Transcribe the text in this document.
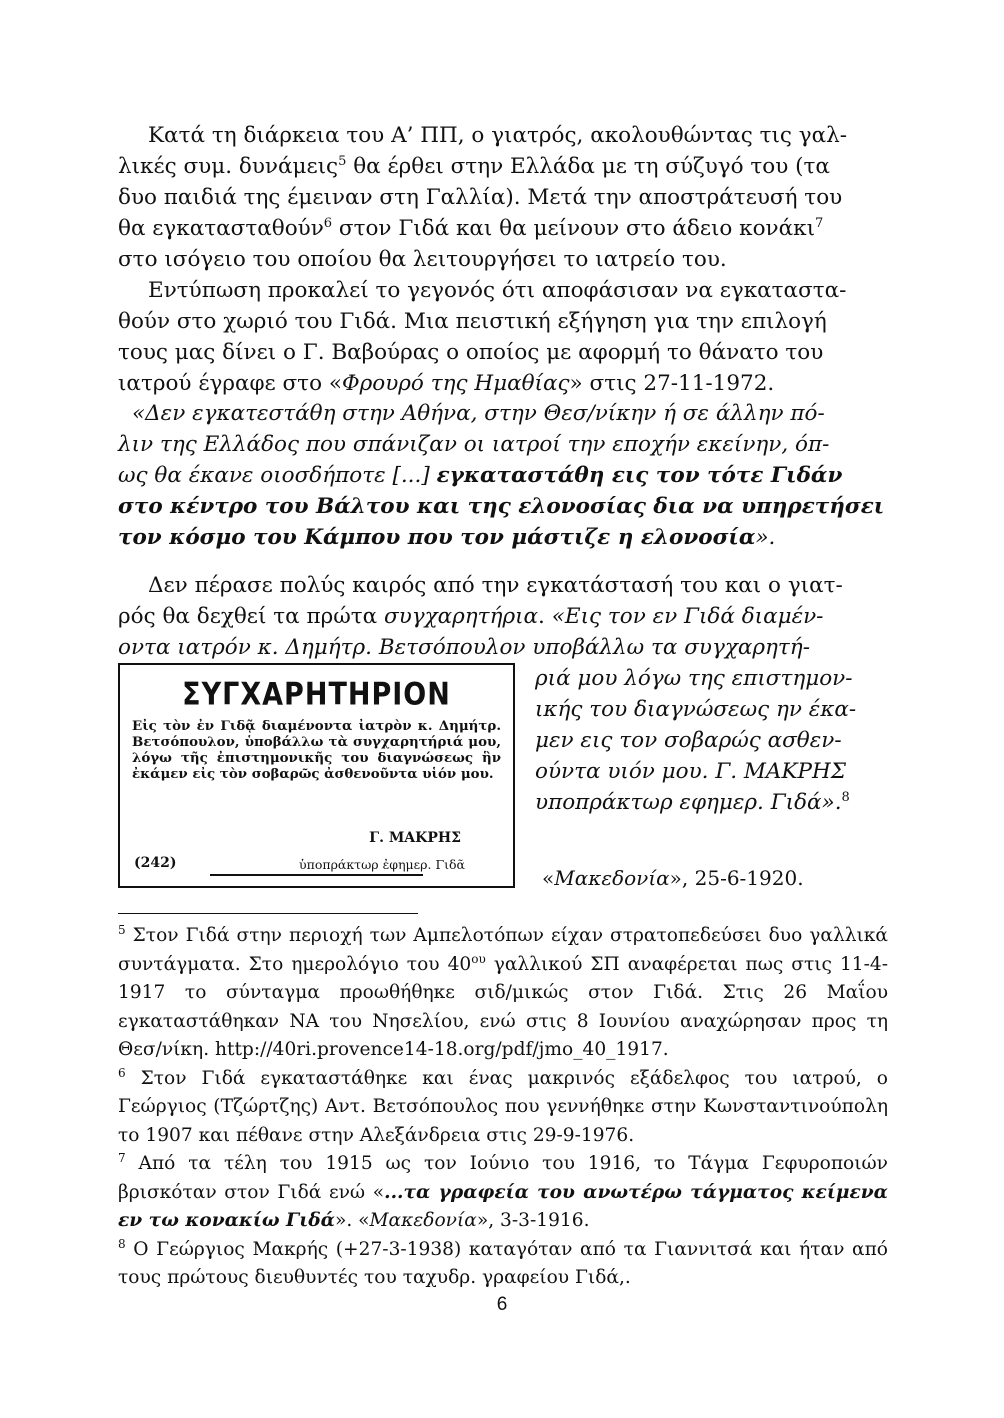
Κατά τη διάρκεια του Α’ ΠΠ, ο γιατρός, ακολουθώντας τις γαλ-
λικές συμ. δυνάμεις$^5$ θα έρθει στην Ελλάδα με τη σύζυγό του (τα
δυο παιδιά της έμειναν στη Γαλλία). Μετά την αποστράτευσή του
θα εγκατασταθούν$^6$ στον Γιδά και θα μείνουν στο άδειο κονάκι$^7$
στο ισόγειο του οποίου θα λειτουργήσει το ιατρείο του.
Εντύπωση προκαλεί το γεγονός ότι αποφάσισαν να εγκαταστα-
θούν στο χωριό του Γιδά. Μια πειστική εξήγηση για την επιλογή
τους μας δίνει ο Γ. Βαβούρας ο οποίος με αφορμή το θάνατο του
ιατρού έγραφε στο «Φρουρό της Ημαθίας» στις 27-11-1972.
«Δεν εγκατεστάθη στην Αθήνα, στην Θεσ/νίκην ή σε άλλην πό-
λιν της Ελλάδος που σπάνιζαν οι ιατροί την εποχήν εκείνην, όπ-
ως θα έκανε οιοσδήποτε [...] εγκαταστάθη εις τον τότε Γιδάν
στο κέντρο του Βάλτου και της ελονοσίας δια να υπηρετήσει
τον κόσμο του Κάμπου που τον μάστιζε η ελονοσία».
Δεν πέρασε πολύς καιρός από την εγκατάστασή του και ο γιατ-
ρός θα δεχθεί τα πρώτα συγχαρητήρια. «Εις τον εν Γιδά διαμέν-
οντα ιατρόν κ. Δημήτρ. Βετσόπουλον υποβάλλω τα συγχαρητή-
ΣΥΓΧΑΡΗΤΗΡΙΟΝ
Εἰς τὸν ἐν Γιδᾷ διαμένοντα ἰατρὸν κ. Δημήτρ. Βετσόπουλον, ὑποβάλλω τὰ συγχαρητήριά μου, λόγω τῆς ἐπιστημονικῆς του διαγνώσεως ἣν ἐκάμεν εἰς τὸν σοβαρῶς ἀσθενοῦντα υἱόν μου.
Γ. ΜΑΚΡΗΣ
(242)	ὑποπράκτωρ ἐφημερ. Γιδᾶ
ριά μου λόγω της επιστημον-
ικής του διαγνώσεως ην έκα-
μεν εις τον σοβαρώς ασθεν-
ούντα υιόν μου. Γ. ΜΑΚΡΗΣ
υποπράκτωρ εφημερ. Γιδά».$^8$
«Μακεδονία», 25-6-1920.

$^5$ Στον Γιδά στην περιοχή των Αμπελοτόπων είχαν στρατοπεδεύσει δυο γαλλικά συντάγματα. Στο ημερολόγιο του $40^{o\upsilon}$ γαλλικού ΣΠ αναφέρεται πως στις 11-4-1917 το σύνταγμα προωθήθηκε σιδ/μικώς στον Γιδά. Στις 26 Μαΐου εγκαταστάθηκαν ΝΑ του Νησελίου, ενώ στις 8 Ιουνίου αναχώρησαν προς τη Θεσ/νίκη. http://40ri.provence14-18.org/pdf/jmo_40_1917.

$^6$ Στον Γιδά εγκαταστάθηκε και ένας μακρινός εξάδελφος του ιατρού, ο Γεώργιος (Τζώρτζης) Αντ. Βετσόπουλος που γεννήθηκε στην Κωνσταντινούπολη το 1907 και πέθανε στην Αλεξάνδρεια στις 29-9-1976.

$^7$ Από τα τέλη του 1915 ως τον Ιούνιο του 1916, το Τάγμα Γεφυροποιών βρισκόταν στον Γιδά ενώ «...τα γραφεία του ανωτέρω τάγματος κείμενα εν τω κονακίω Γιδά». «Μακεδονία», 3-3-1916.

$^8$ Ο Γεώργιος Μακρής (+27-3-1938) καταγόταν από τα Γιαννιτσά και ήταν από τους πρώτους διευθυντές του ταχυδρ. γραφείου Γιδά,.

6
